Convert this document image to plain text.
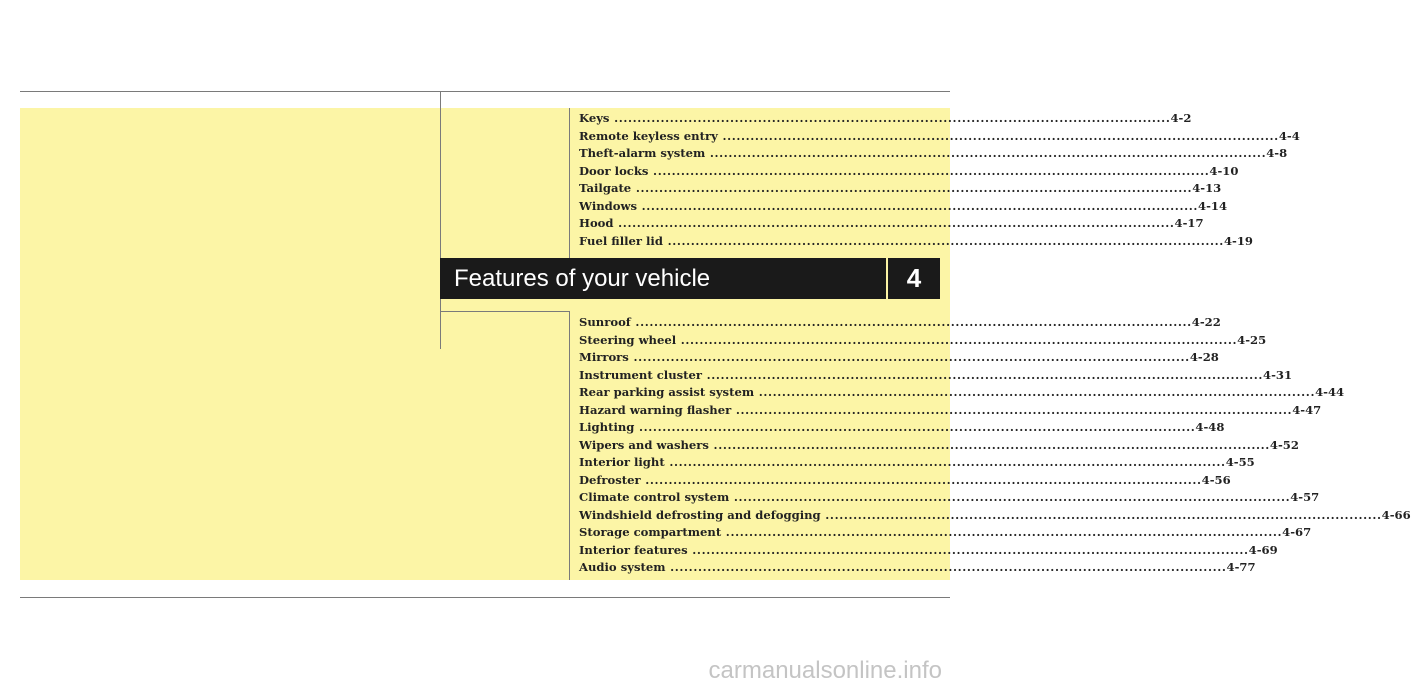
Keys ........................................................................................................................ 4-2
Remote keyless entry ........................................................................................................................ 4-4
Theft-alarm system ........................................................................................................................ 4-8
Door locks ........................................................................................................................ 4-10
Tailgate ........................................................................................................................ 4-13
Windows ........................................................................................................................ 4-14
Hood ........................................................................................................................ 4-17
Fuel filler lid ........................................................................................................................ 4-19
Features of your vehicle	4
Sunroof ........................................................................................................................ 4-22
Steering wheel ........................................................................................................................ 4-25
Mirrors ........................................................................................................................ 4-28
Instrument cluster ........................................................................................................................ 4-31
Rear parking assist system ........................................................................................................................ 4-44
Hazard warning flasher ........................................................................................................................ 4-47
Lighting ........................................................................................................................ 4-48
Wipers and washers ........................................................................................................................ 4-52
Interior light ........................................................................................................................ 4-55
Defroster ........................................................................................................................ 4-56
Climate control system ........................................................................................................................ 4-57
Windshield defrosting and defogging ........................................................................................................................ 4-66
Storage compartment ........................................................................................................................ 4-67
Interior features ........................................................................................................................ 4-69
Audio system ........................................................................................................................ 4-77
carmanualsonline.info
